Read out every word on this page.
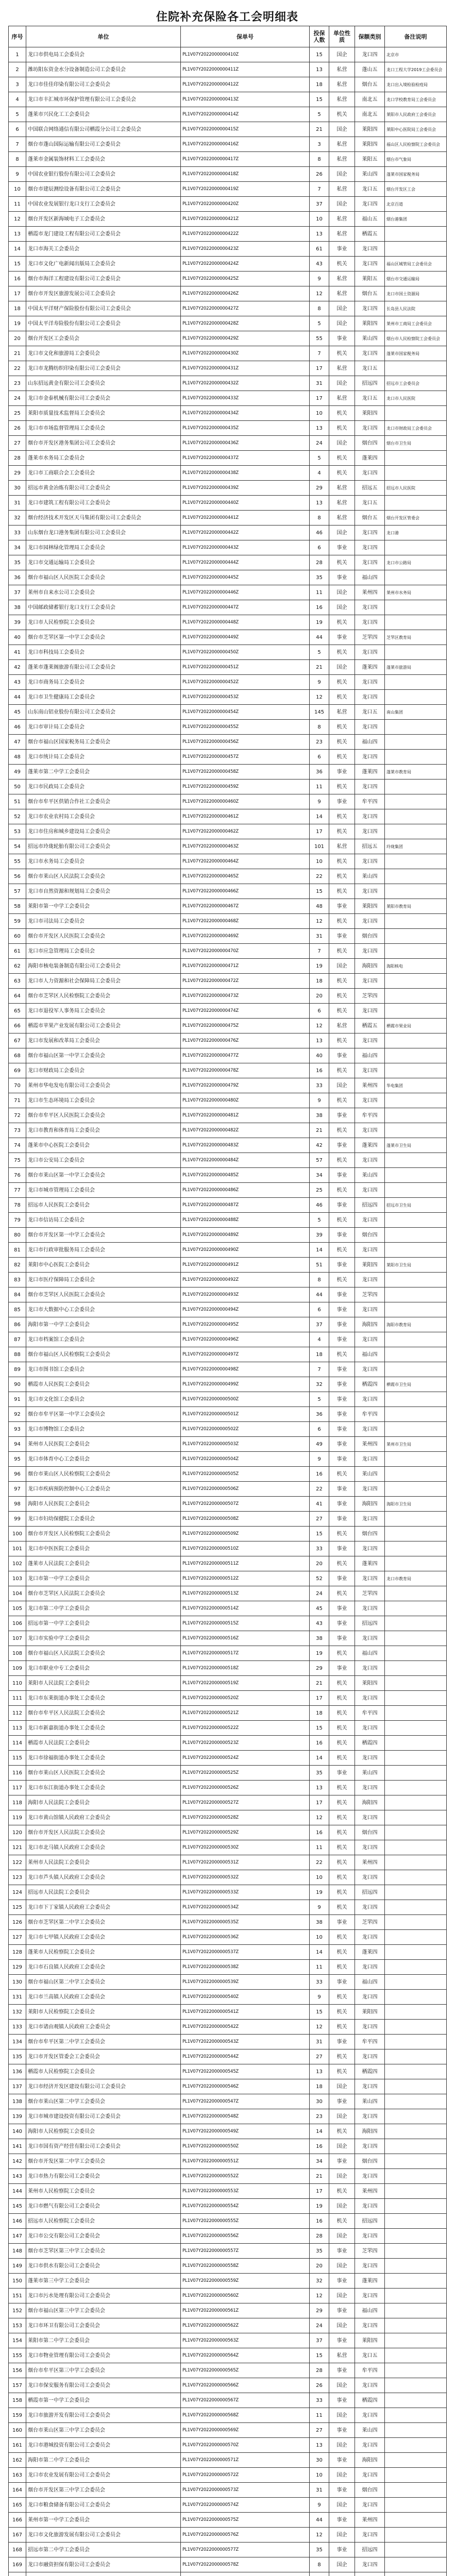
住院补充保险各工会明细表
序号	单位	保单号	投保人数	单位性质	保额类别	备注说明
1	龙口市供电局工会委员会	PL1V07Y2022000000410Z	15	国企	龙口四	北京市
2	潍坊阳东资金水分设备制造公司工会委员会	PL1V07Y2022000000411Z	13	私营	蓬山五	龙口工程大学2019工会委员会
3	龙口市佳佳印染有限公司工会委员会	PL1V07Y2022000000412Z	18	私营	烟台五	龙口出入境检验检疫局
4	龙口市丰汇城市环保护管理有限公司工会委员会	PL1V07Y2022000000413Z	15	私营	南北五	龙口学校教育局工会委员会
5	蓬莱市兴民化工工会委员会	PL1V07Y2022000000414Z	5	机关	南北五	莱阳市人民政府工会委员会
6	中国联合网络通信有限公司栖霞分公司工会委员会	PL1V07Y2022000000415Z	21	国企	莱阳四	莱阳中心医院局工会委员会
7	烟台市蓬山国际运输有限公司工会委员会	PL1V07Y2022000000416Z	3	私营	莱阳四	福山区人民检察院工会委员会
8	蓬莱市金属装饰材料工工会委员会	PL1V07Y2022000000417Z	8	私营	莱阳五	烟台市气象局
9	中国农业银行股份有限公司工会委员会	PL1V07Y2022000000418Z	26	国企	莱山四	蓬莱市国家税务局
10	烟台市建辰测绘设备有限公司工会委员会	PL1V07Y2022000000419Z	7	私营	龙口五	烟台开发区工会
11	中国农业发展银行龙口支行工会委员会	PL1V07Y2022000000420Z	37	国企	龙口四	北京百道
12	烟台开发区新海域电子工会委员会	PL1V07Y2022000000421Z	10	私营	福山五	烟台港集团
13	栖霞市龙门建设工程有限公司工会委员会	PL1V07Y2022000000422Z	13	私营	栖霞五	
14	龙口市海关工会委员会	PL1V07Y2022000000423Z	61	事业	龙口四	
15	龙口市文化广电新闻出版局工会委员会	PL1V07Y2022000000424Z	43	机关	龙口四	福山区城管局工会委员会
16	烟台市海洋工程建设有限公司工会委员会	PL1V07Y2022000000425Z	9	私营	莱阳五	烟台市交通运输局
17	烟台市开发区旅游发展公司工会委员会	PL1V07Y2022000000426Z	12	私营	烟台五	龙口市国土资源局
18	中国太平洋财产保险股份有限公司工会委员会	PL1V07Y2022000000427Z	8	国企	龙口四	长岛县人民法院
19	中国太平洋寿险股份有限公司工会委员会	PL1V07Y2022000000428Z	5	国企	莱阳四	莱州市工商局工会委员会
20	烟台开发区工会委员会	PL1V07Y2022000000429Z	55	事业	莱山四	烟台市人民检察院工会委员会
21	龙口市文化和旅游局工会委员会	PL1V07Y2022000000430Z	7	机关	龙口四	蓬莱市国家税务局
22	龙口市龙腾纺织印染有限公司工会委员会	PL1V07Y2022000000431Z	17	私营	龙口五	
23	山东招远黄金有限公司工会委员会	PL1V07Y2022000000432Z	31	国企	招远四	招远市工会委员会
24	龙口市金泰机械有限公司工会委员会	PL1V07Y2022000000433Z	17	私营	龙口五	龙口市人民医院
25	莱阳市质量技术监督局工会委员会	PL1V07Y2022000000434Z	10	机关	莱阳四	
26	龙口市市场监督管理局工会委员会	PL1V07Y2022000000435Z	13	机关	龙口四	龙口市财政局工会委员会
27	烟台市开发区港务集团公司工会委员会	PL1V07Y2022000000436Z	24	国企	烟台四	烟台市卫生局
28	蓬莱市水务局工会委员会	PL1V07Y2022000000437Z	5	机关	蓬莱四	
29	龙口市工商联合会工会委员会	PL1V07Y2022000000438Z	4	机关	龙口四	
30	招远市黄金冶炼有限公司工会委员会	PL1V07Y2022000000439Z	29	私营	招远五	招远市人民医院
31	龙口市建筑工程有限公司工会委员会	PL1V07Y2022000000440Z	13	私营	龙口五	
32	烟台经济技术开发区天马集团有限公司工会委员会	PL1V07Y2022000000441Z	8	私营	烟台五	烟台开发区管委会
33	山东烟台龙口港务集团有限公司工会委员会	PL1V07Y2022000000442Z	46	国企	龙口四	龙口港
34	龙口市园林绿化管理局工会委员会	PL1V07Y2022000000443Z	6	事业	龙口四	
35	龙口市交通运输局工会委员会	PL1V07Y2022000000444Z	28	机关	龙口四	龙口市公路局
36	烟台市福山区人民医院工会委员会	PL1V07Y2022000000445Z	35	事业	福山四	
37	莱州市自来水公司工会委员会	PL1V07Y2022000000446Z	11	国企	莱州四	莱州市水务局
38	中国邮政储蓄银行龙口支行工会委员会	PL1V07Y2022000000447Z	16	国企	龙口四	
39	龙口市人民检察院工会委员会	PL1V07Y2022000000448Z	19	机关	龙口四	
40	烟台市芝罘区第一中学工会委员会	PL1V07Y2022000000449Z	44	事业	芝罘四	芝罘区教育局
41	龙口市科技局工会委员会	PL1V07Y2022000000450Z	5	机关	龙口四	
42	蓬莱市蓬莱阁旅游有限公司工会委员会	PL1V07Y2022000000451Z	21	国企	蓬莱四	蓬莱市旅游局
43	龙口市商务局工会委员会	PL1V07Y2022000000452Z	9	机关	龙口四	
44	龙口市卫生健康局工会委员会	PL1V07Y2022000000453Z	12	机关	龙口四	
45	山东南山铝业股份有限公司工会委员会	PL1V07Y2022000000454Z	145	私营	龙口五	南山集团
46	龙口市审计局工会委员会	PL1V07Y2022000000455Z	8	机关	龙口四	
47	烟台市福山区国家税务局工会委员会	PL1V07Y2022000000456Z	23	机关	福山四	
48	龙口市统计局工会委员会	PL1V07Y2022000000457Z	6	机关	龙口四	
49	蓬莱市第二中学工会委员会	PL1V07Y2022000000458Z	36	事业	蓬莱四	蓬莱市教育局
50	龙口市民政局工会委员会	PL1V07Y2022000000459Z	11	机关	龙口四	
51	烟台市牟平区供销合作社工会委员会	PL1V07Y2022000000460Z	9	事业	牟平四	
52	龙口市农业农村局工会委员会	PL1V07Y2022000000461Z	14	机关	龙口四	
53	龙口市住房和城乡建设局工会委员会	PL1V07Y2022000000462Z	17	机关	龙口四	
54	招远市玲珑轮胎有限公司工会委员会	PL1V07Y2022000000463Z	101	私营	招远五	玲珑集团
55	龙口市水务局工会委员会	PL1V07Y2022000000464Z	10	机关	龙口四	
56	烟台市莱山区人民法院工会委员会	PL1V07Y2022000000465Z	22	机关	莱山四	
57	龙口市自然资源和规划局工会委员会	PL1V07Y2022000000466Z	15	机关	龙口四	
58	莱阳市第一中学工会委员会	PL1V07Y2022000000467Z	48	事业	莱阳四	莱阳市教育局
59	龙口市司法局工会委员会	PL1V07Y2022000000468Z	12	机关	龙口四	
60	烟台市开发区人民医院工会委员会	PL1V07Y2022000000469Z	31	事业	烟台四	
61	龙口市应急管理局工会委员会	PL1V07Y2022000000470Z	7	机关	龙口四	
62	海阳市核电装备制造有限公司工会委员会	PL1V07Y2022000000471Z	19	国企	海阳四	海阳核电
63	龙口市人力资源和社会保障局工会委员会	PL1V07Y2022000000472Z	18	机关	龙口四	
64	烟台市芝罘区人民检察院工会委员会	PL1V07Y2022000000473Z	20	机关	芝罘四	
65	龙口市退役军人事务局工会委员会	PL1V07Y2022000000474Z	6	机关	龙口四	
66	栖霞市苹果产业发展有限公司工会委员会	PL1V07Y2022000000475Z	12	私营	栖霞五	栖霞市果业局
67	龙口市发展和改革局工会委员会	PL1V07Y2022000000476Z	13	机关	龙口四	
68	烟台市福山区第一中学工会委员会	PL1V07Y2022000000477Z	40	事业	福山四	
69	龙口市财政局工会委员会	PL1V07Y2022000000478Z	16	机关	龙口四	
70	莱州市华电发电有限公司工会委员会	PL1V07Y2022000000479Z	33	国企	莱州四	华电集团
71	龙口市生态环境局工会委员会	PL1V07Y2022000000480Z	9	机关	龙口四	
72	烟台市牟平区人民医院工会委员会	PL1V07Y2022000000481Z	38	事业	牟平四	
73	龙口市教育和体育局工会委员会	PL1V07Y2022000000482Z	21	机关	龙口四	
74	蓬莱市中心医院工会委员会	PL1V07Y2022000000483Z	42	事业	蓬莱四	蓬莱市卫生局
75	龙口市公安局工会委员会	PL1V07Y2022000000484Z	57	机关	龙口四	
76	烟台市莱山区第一中学工会委员会	PL1V07Y2022000000485Z	34	事业	莱山四	
77	龙口市城市管理局工会委员会	PL1V07Y2022000000486Z	25	机关	龙口四	
78	招远市人民医院工会委员会	PL1V07Y2022000000487Z	46	事业	招远四	招远市卫生局
79	龙口市信访局工会委员会	PL1V07Y2022000000488Z	5	机关	龙口四	
80	烟台市开发区第一中学工会委员会	PL1V07Y2022000000489Z	39	事业	烟台四	
81	龙口市行政审批服务局工会委员会	PL1V07Y2022000000490Z	14	机关	龙口四	
82	莱阳市中心医院工会委员会	PL1V07Y2022000000491Z	51	事业	莱阳四	莱阳市卫生局
83	龙口市医疗保障局工会委员会	PL1V07Y2022000000492Z	8	机关	龙口四	
84	烟台市芝罘区人民医院工会委员会	PL1V07Y2022000000493Z	44	事业	芝罘四	
85	龙口市大数据中心工会委员会	PL1V07Y2022000000494Z	6	事业	龙口四	
86	海阳市第一中学工会委员会	PL1V07Y2022000000495Z	37	事业	海阳四	海阳市教育局
87	龙口市档案馆工会委员会	PL1V07Y2022000000496Z	4	事业	龙口四	
88	烟台市福山区人民检察院工会委员会	PL1V07Y2022000000497Z	18	机关	福山四	
89	龙口市图书馆工会委员会	PL1V07Y2022000000498Z	7	事业	龙口四	
90	栖霞市人民医院工会委员会	PL1V07Y2022000000499Z	32	事业	栖霞四	栖霞市卫生局
91	龙口市文化馆工会委员会	PL1V07Y2022000000500Z	5	事业	龙口四	
92	烟台市牟平区第一中学工会委员会	PL1V07Y2022000000501Z	36	事业	牟平四	
93	龙口市博物馆工会委员会	PL1V07Y2022000000502Z	6	事业	龙口四	
94	莱州市人民医院工会委员会	PL1V07Y2022000000503Z	49	事业	莱州四	莱州市卫生局
95	龙口市体育中心工会委员会	PL1V07Y2022000000504Z	9	事业	龙口四	
96	烟台市莱山区人民检察院工会委员会	PL1V07Y2022000000505Z	16	机关	莱山四	
97	龙口市疾病预防控制中心工会委员会	PL1V07Y2022000000506Z	22	事业	龙口四	
98	海阳市人民医院工会委员会	PL1V07Y2022000000507Z	41	事业	海阳四	海阳市卫生局
99	龙口市妇幼保健院工会委员会	PL1V07Y2022000000508Z	27	事业	龙口四	
100	烟台市开发区人民检察院工会委员会	PL1V07Y2022000000509Z	15	机关	烟台四	
101	龙口市中医医院工会委员会	PL1V07Y2022000000510Z	33	事业	龙口四	
102	蓬莱市人民法院工会委员会	PL1V07Y2022000000511Z	20	机关	蓬莱四	
103	龙口市第一中学工会委员会	PL1V07Y2022000000512Z	52	事业	龙口四	龙口市教育局
104	烟台市芝罘区人民法院工会委员会	PL1V07Y2022000000513Z	24	机关	芝罘四	
105	龙口市第二中学工会委员会	PL1V07Y2022000000514Z	45	事业	龙口四	
106	招远市第一中学工会委员会	PL1V07Y2022000000515Z	43	事业	招远四	
107	龙口市实验中学工会委员会	PL1V07Y2022000000516Z	38	事业	龙口四	
108	烟台市福山区人民法院工会委员会	PL1V07Y2022000000517Z	19	机关	福山四	
109	龙口市职业中专工会委员会	PL1V07Y2022000000518Z	29	事业	龙口四	
110	莱阳市人民法院工会委员会	PL1V07Y2022000000519Z	21	机关	莱阳四	
111	龙口市东莱街道办事处工会委员会	PL1V07Y2022000000520Z	17	机关	龙口四	
112	烟台市牟平区人民法院工会委员会	PL1V07Y2022000000521Z	18	机关	牟平四	
113	龙口市新嘉街道办事处工会委员会	PL1V07Y2022000000522Z	15	机关	龙口四	
114	栖霞市人民法院工会委员会	PL1V07Y2022000000523Z	16	机关	栖霞四	
115	龙口市徐福街道办事处工会委员会	PL1V07Y2022000000524Z	14	机关	龙口四	
116	烟台市莱山区人民医院工会委员会	PL1V07Y2022000000525Z	35	事业	莱山四	
117	龙口市东江街道办事处工会委员会	PL1V07Y2022000000526Z	13	机关	龙口四	
118	海阳市人民法院工会委员会	PL1V07Y2022000000527Z	17	机关	海阳四	
119	龙口市黄山馆镇人民政府工会委员会	PL1V07Y2022000000528Z	12	机关	龙口四	
120	烟台市开发区人民法院工会委员会	PL1V07Y2022000000529Z	16	机关	烟台四	
121	龙口市北马镇人民政府工会委员会	PL1V07Y2022000000530Z	11	机关	龙口四	
122	莱州市人民法院工会委员会	PL1V07Y2022000000531Z	22	机关	莱州四	
123	龙口市芦头镇人民政府工会委员会	PL1V07Y2022000000532Z	10	机关	龙口四	
124	招远市人民法院工会委员会	PL1V07Y2022000000533Z	19	机关	招远四	
125	龙口市下丁家镇人民政府工会委员会	PL1V07Y2022000000534Z	9	机关	龙口四	
126	烟台市芝罘区第二中学工会委员会	PL1V07Y2022000000535Z	38	事业	芝罘四	
127	龙口市七甲镇人民政府工会委员会	PL1V07Y2022000000536Z	10	机关	龙口四	
128	蓬莱市人民检察院工会委员会	PL1V07Y2022000000537Z	14	机关	蓬莱四	
129	龙口市石良镇人民政府工会委员会	PL1V07Y2022000000538Z	11	机关	龙口四	
130	烟台市福山区第二中学工会委员会	PL1V07Y2022000000539Z	33	事业	福山四	
131	龙口市兰高镇人民政府工会委员会	PL1V07Y2022000000540Z	9	机关	龙口四	
132	莱阳市人民检察院工会委员会	PL1V07Y2022000000541Z	15	机关	莱阳四	
133	龙口市诸由观镇人民政府工会委员会	PL1V07Y2022000000542Z	12	机关	龙口四	
134	烟台市牟平区第二中学工会委员会	PL1V07Y2022000000543Z	31	事业	牟平四	
135	龙口市开发区管委会工会委员会	PL1V07Y2022000000544Z	27	机关	龙口四	
136	栖霞市人民检察院工会委员会	PL1V07Y2022000000545Z	13	机关	栖霞四	
137	龙口市经济开发区建设有限公司工会委员会	PL1V07Y2022000000546Z	18	国企	龙口四	
138	烟台市莱山区第二中学工会委员会	PL1V07Y2022000000547Z	30	事业	莱山四	
139	龙口市城市建设投资有限公司工会委员会	PL1V07Y2022000000548Z	23	国企	龙口四	
140	海阳市人民检察院工会委员会	PL1V07Y2022000000549Z	14	机关	海阳四	
141	龙口市国有资产经营有限公司工会委员会	PL1V07Y2022000000550Z	16	国企	龙口四	
142	烟台市开发区第二中学工会委员会	PL1V07Y2022000000551Z	34	事业	烟台四	
143	龙口市热力有限公司工会委员会	PL1V07Y2022000000552Z	21	国企	龙口四	
144	莱州市人民检察院工会委员会	PL1V07Y2022000000553Z	17	机关	莱州四	
145	龙口市燃气有限公司工会委员会	PL1V07Y2022000000554Z	19	国企	龙口四	
146	招远市人民检察院工会委员会	PL1V07Y2022000000555Z	16	机关	招远四	
147	龙口市公交有限公司工会委员会	PL1V07Y2022000000556Z	28	国企	龙口四	
148	烟台市芝罘区第三中学工会委员会	PL1V07Y2022000000557Z	35	事业	芝罘四	
149	龙口市供水有限公司工会委员会	PL1V07Y2022000000558Z	20	国企	龙口四	
150	蓬莱市第三中学工会委员会	PL1V07Y2022000000559Z	32	事业	蓬莱四	
151	龙口市污水处理有限公司工会委员会	PL1V07Y2022000000560Z	12	国企	龙口四	
152	烟台市福山区第三中学工会委员会	PL1V07Y2022000000561Z	29	事业	福山四	
153	龙口市环卫有限公司工会委员会	PL1V07Y2022000000562Z	24	国企	龙口四	
154	莱阳市第二中学工会委员会	PL1V07Y2022000000563Z	37	事业	莱阳四	
155	龙口市物业管理有限公司工会委员会	PL1V07Y2022000000564Z	15	私营	龙口五	
156	烟台市牟平区第三中学工会委员会	PL1V07Y2022000000565Z	28	事业	牟平四	
157	龙口市保安服务有限公司工会委员会	PL1V07Y2022000000566Z	26	国企	龙口四	
158	栖霞市第一中学工会委员会	PL1V07Y2022000000567Z	33	事业	栖霞四	
159	龙口市旅游开发有限公司工会委员会	PL1V07Y2022000000568Z	11	国企	龙口四	
160	烟台市莱山区第三中学工会委员会	PL1V07Y2022000000569Z	27	事业	莱山四	
161	龙口市港城投资有限公司工会委员会	PL1V07Y2022000000570Z	13	国企	龙口四	
162	海阳市第二中学工会委员会	PL1V07Y2022000000571Z	30	事业	海阳四	
163	龙口市农业发展有限公司工会委员会	PL1V07Y2022000000572Z	10	国企	龙口四	
164	烟台市开发区第三中学工会委员会	PL1V07Y2022000000573Z	31	事业	烟台四	
165	龙口市粮食储备有限公司工会委员会	PL1V07Y2022000000574Z	9	国企	龙口四	
166	莱州市第一中学工会委员会	PL1V07Y2022000000575Z	44	事业	莱州四	
167	龙口市文化旅游发展有限公司工会委员会	PL1V07Y2022000000576Z	12	国企	龙口四	
168	招远市第二中学工会委员会	PL1V07Y2022000000577Z	35	事业	招远四	
169	龙口市融资担保有限公司工会委员会	PL1V07Y2022000000578Z	8	国企	龙口四	
